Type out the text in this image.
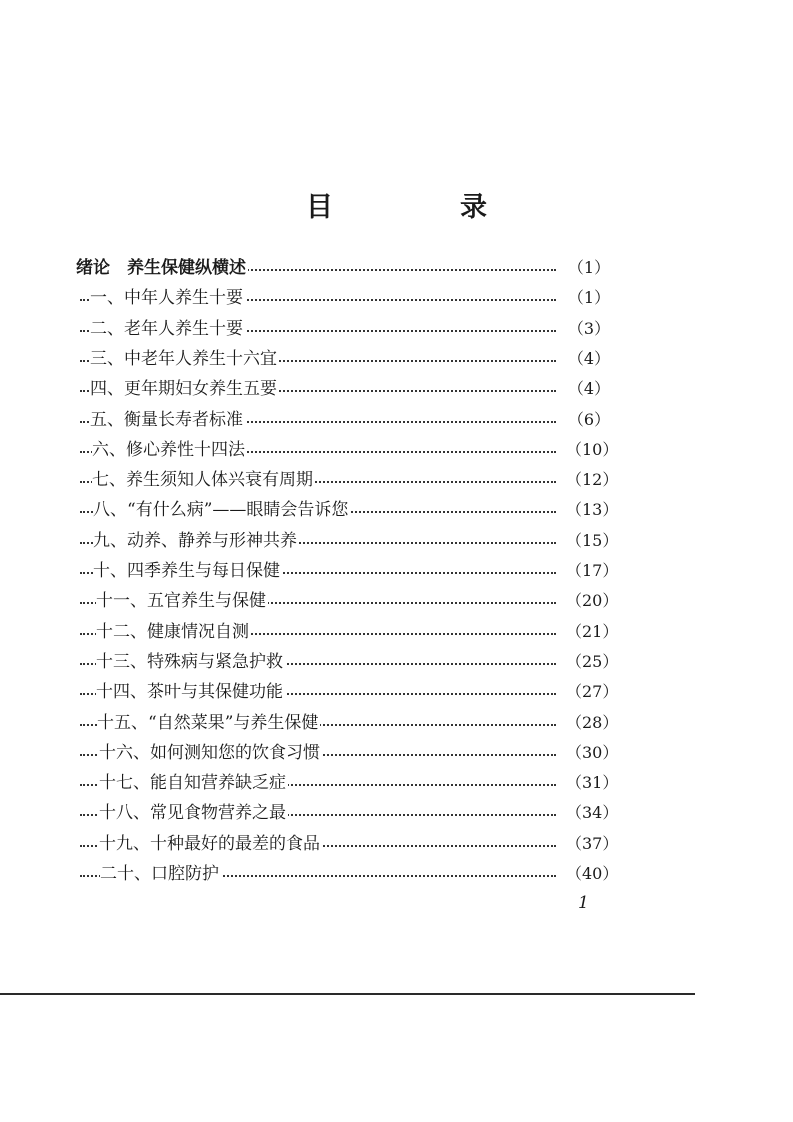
目　录
绪论　养生保健纵横述	（1）
一、中年人养生十要	（1）
二、老年人养生十要	（3）
三、中老年人养生十六宜	（4）
四、更年期妇女养生五要	（4）
五、衡量长寿者标准	（6）
六、修心养性十四法	（10）
七、养生须知人体兴衰有周期	（12）
八、“有什么病”——眼睛会告诉您	（13）
九、动养、静养与形神共养	（15）
十、四季养生与每日保健	（17）
十一、五官养生与保健	（20）
十二、健康情况自测	（21）
十三、特殊病与紧急护救	（25）
十四、茶叶与其保健功能	（27）
十五、“自然菜果”与养生保健	（28）
十六、如何测知您的饮食习惯	（30）
十七、能自知营养缺乏症	（31）
十八、常见食物营养之最	（34）
十九、十种最好的最差的食品	（37）
二十、口腔防护	（40）
1
